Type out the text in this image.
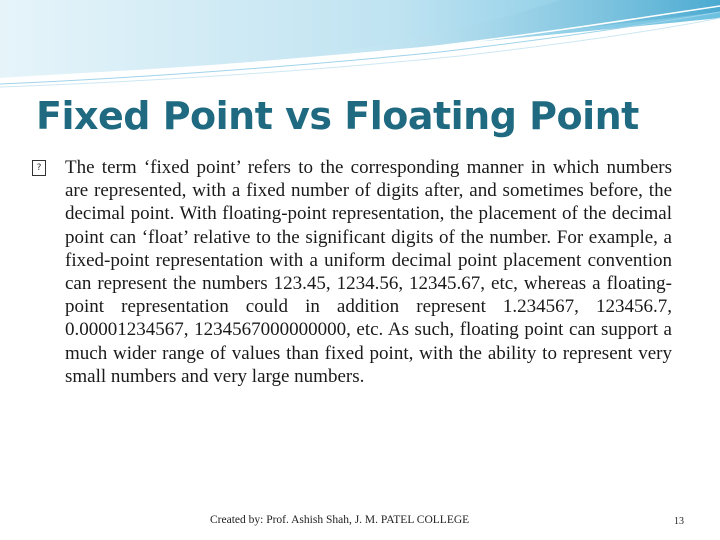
Fixed Point vs Floating Point
? The term ‘fixed point’ refers to the corresponding manner in which numbers are represented, with a fixed number of digits after, and sometimes before, the decimal point. With floating-point representation, the placement of the decimal point can ‘float’ relative to the significant digits of the number. For example, a fixed-point representation with a uniform decimal point placement convention can represent the numbers 123.45, 1234.56, 12345.67, etc, whereas a floating-point representation could in addition represent 1.234567, 123456.7, 0.00001234567, 1234567000000000, etc. As such, floating point can support a much wider range of values than fixed point, with the ability to represent very small numbers and very large numbers.
Created by: Prof. Ashish Shah, J. M. PATEL COLLEGE	13
